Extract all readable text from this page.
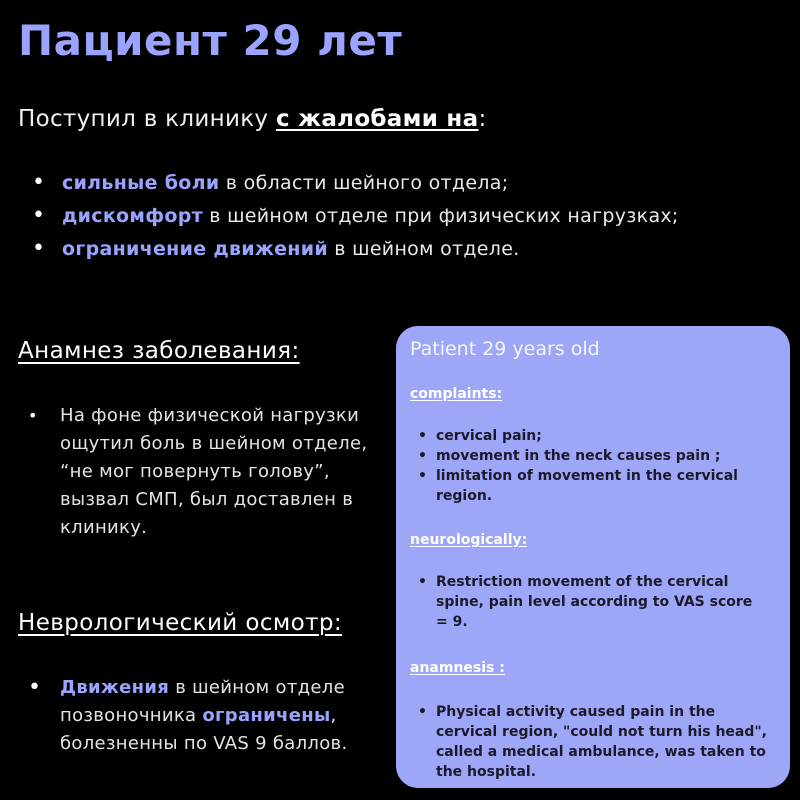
Пациент 29 лет
Поступил в клинику с жалобами на:
• сильные боли в области шейного отдела;
• дискомфорт в шейном отделе при физических нагрузках;
• ограничение движений в шейном отделе.
Анамнез заболевания:
• На фоне физической нагрузки ощутил боль в шейном отделе, “не мог повернуть голову”, вызвал СМП, был доставлен в клинику.
Неврологический осмотр:
• Движения в шейном отделе позвоночника ограничены, болезненны по VAS 9 баллов.
Patient 29 years old
complaints:
• cervical pain;
• movement in the neck causes pain ;
• limitation of movement in the cervical region.
neurologically:
• Restriction movement of the cervical spine, pain level according to VAS score = 9.
anamnesis :
• Physical activity caused pain in the cervical region, "could not turn his head", called a medical ambulance, was taken to the hospital.
